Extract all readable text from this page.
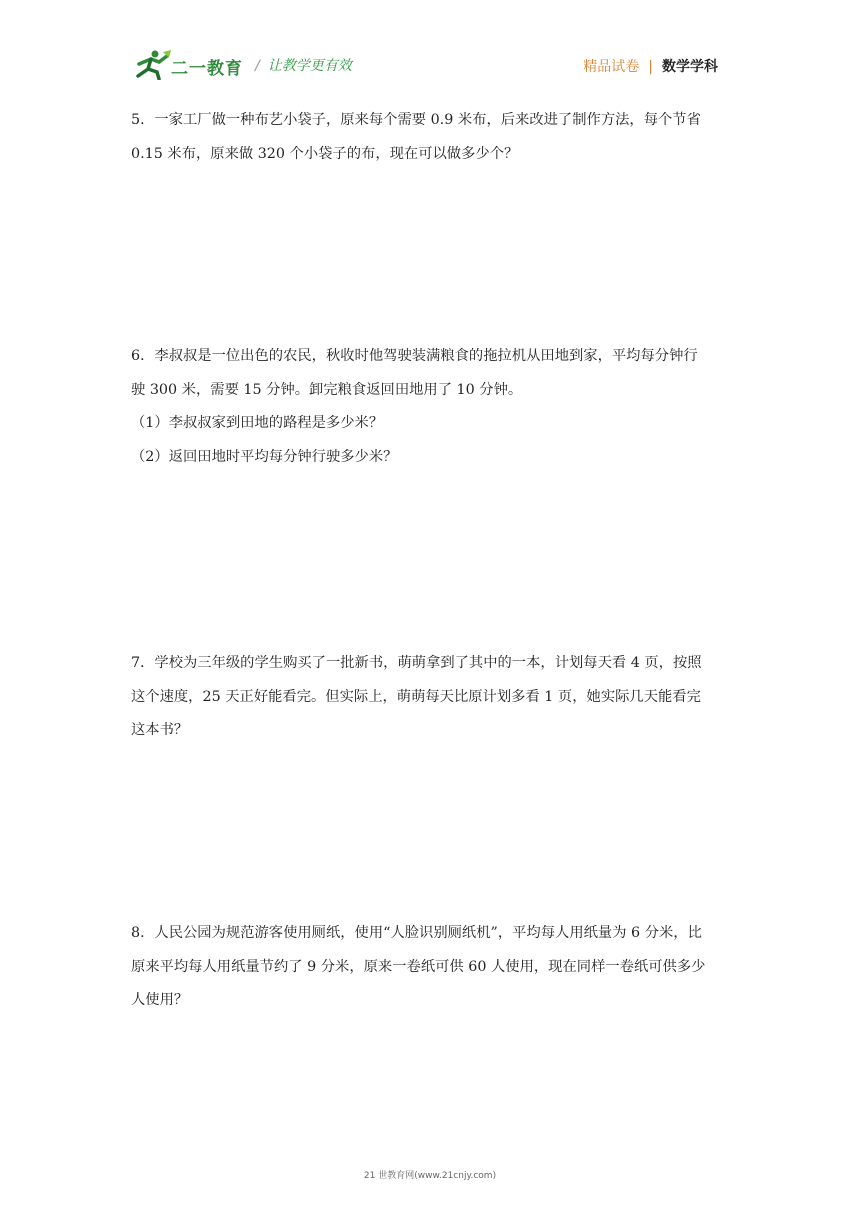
二一教育 / 让教学更有效	精品试卷 | 数学学科

5．一家工厂做一种布艺小袋子，原来每个需要 0.9 米布，后来改进了制作方法，每个节省

0.15 米布，原来做 320 个小袋子的布，现在可以做多少个？

6．李叔叔是一位出色的农民，秋收时他驾驶装满粮食的拖拉机从田地到家，平均每分钟行

驶 300 米，需要 15 分钟。卸完粮食返回田地用了 10 分钟。

（1）李叔叔家到田地的路程是多少米？

（2）返回田地时平均每分钟行驶多少米？

7．学校为三年级的学生购买了一批新书，萌萌拿到了其中的一本，计划每天看 4 页，按照

这个速度，25 天正好能看完。但实际上，萌萌每天比原计划多看 1 页，她实际几天能看完

这本书？

8．人民公园为规范游客使用厕纸，使用“人脸识别厕纸机”，平均每人用纸量为 6 分米，比

原来平均每人用纸量节约了 9 分米，原来一卷纸可供 60 人使用，现在同样一卷纸可供多少

人使用？

21 世教育网(www.21cnjy.com)
